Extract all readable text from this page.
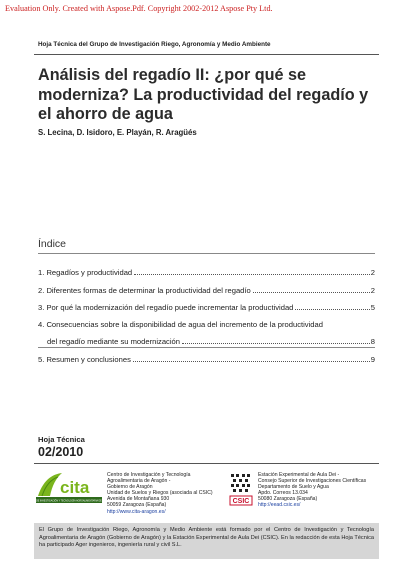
Evaluation Only. Created with Aspose.Pdf. Copyright 2002-2012 Aspose Pty Ltd.
Hoja Técnica del Grupo de Investigación Riego, Agronomía y Medio Ambiente
Análisis del regadío II: ¿por qué se moderniza? La productividad del regadío y el ahorro de agua
S. Lecina, D. Isidoro, E. Playán, R. Aragüés
Índice
1. Regadíos y productividad	2
2. Diferentes formas de determinar la productividad del regadío	2
3. Por qué la modernización del regadío puede incrementar la productividad	5
4. Consecuencias sobre la disponibilidad de agua del incremento de la productividad
del regadío mediante su modernización	8
5. Resumen y conclusiones	9
Hoja Técnica
02/2010
cita
CENTRO DE INVESTIGACIÓN Y TECNOLOGÍA AGROALIMENTARIA DE ARAGÓN
Centro de Investigación y Tecnología
Agroalimentaria de Aragón -
Gobierno de Aragón
Unidad de Suelos y Riegos (asociada al CSIC)
Avenida de Montañana 930
50059 Zaragoza (España)
http://www.cita-aragon.es/
CSIC
Estación Experimental de Aula Dei -
Consejo Superior de Investigaciones Científicas
Departamento de Suelo y Agua
Apdo. Correos 13.034
50080 Zaragoza (España)
http://eead.csic.es/
El Grupo de Investigación Riego, Agronomía y Medio Ambiente está formado por el Centro de Investigación y Tecnología Agroalimentaria de Aragón (Gobierno de Aragón) y la Estación Experimental de Aula Dei (CSIC). En la redacción de esta Hoja Técnica ha participado Ager ingenieros, ingeniería rural y civil S.L.
